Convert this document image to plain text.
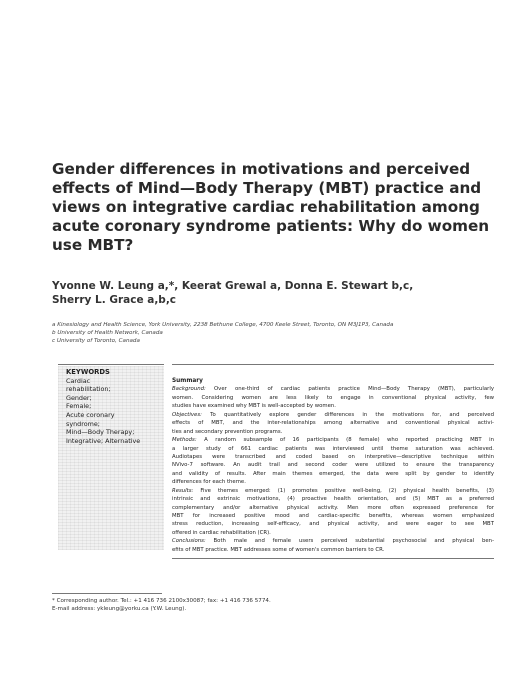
Gender differences in motivations and perceived
effects of Mind—Body Therapy (MBT) practice and
views on integrative cardiac rehabilitation among
acute coronary syndrome patients: Why do women
use MBT?
Yvonne W. Leung a,*, Keerat Grewal a, Donna E. Stewart b,c,
Sherry L. Grace a,b,c
a Kinesiology and Health Science, York University, 2238 Bethune College, 4700 Keele Street, Toronto, ON M3J1P3, Canada
b University of Health Network, Canada
c University of Toronto, Canada
KEYWORDS
Cardiac
rehabilitation;
Gender;
Female;
Acute coronary
syndrome;
Mind—Body Therapy;
Integrative; Alternative
Summary
Background: Over one-third of cardiac patients practice Mind—Body Therapy (MBT), particularly
women. Considering women are less likely to engage in conventional physical activity, few
studies have examined why MBT is well-accepted by women.
Objectives: To quantitatively explore gender differences in the motivations for, and perceived
effects of MBT, and the inter-relationships among alternative and conventional physical activi-
ties and secondary prevention programs.
Methods: A random subsample of 16 participants (8 female) who reported practicing MBT in
a larger study of 661 cardiac patients was interviewed until theme saturation was achieved.
Audiotapes were transcribed and coded based on interpretive—descriptive technique within
NVivo-7 software. An audit trail and second coder were utilized to ensure the transparency
and validity of results. After main themes emerged, the data were split by gender to identify
differences for each theme.
Results: Five themes emerged: (1) promotes positive well-being, (2) physical health benefits, (3)
intrinsic and extrinsic motivations, (4) proactive health orientation, and (5) MBT as a preferred
complementary and/or alternative physical activity. Men more often expressed preference for
MBT for increased positive mood and cardiac-specific benefits, whereas women emphasized
stress reduction, increasing self-efficacy, and physical activity, and were eager to see MBT
offered in cardiac rehabilitation (CR).
Conclusions: Both male and female users perceived substantial psychosocial and physical ben-
efits of MBT practice. MBT addresses some of women's common barriers to CR.
* Corresponding author. Tel.: +1 416 736 2100x30087; fax: +1 416 736 5774.
E-mail address: ykleung@yorku.ca (Y.W. Leung).
